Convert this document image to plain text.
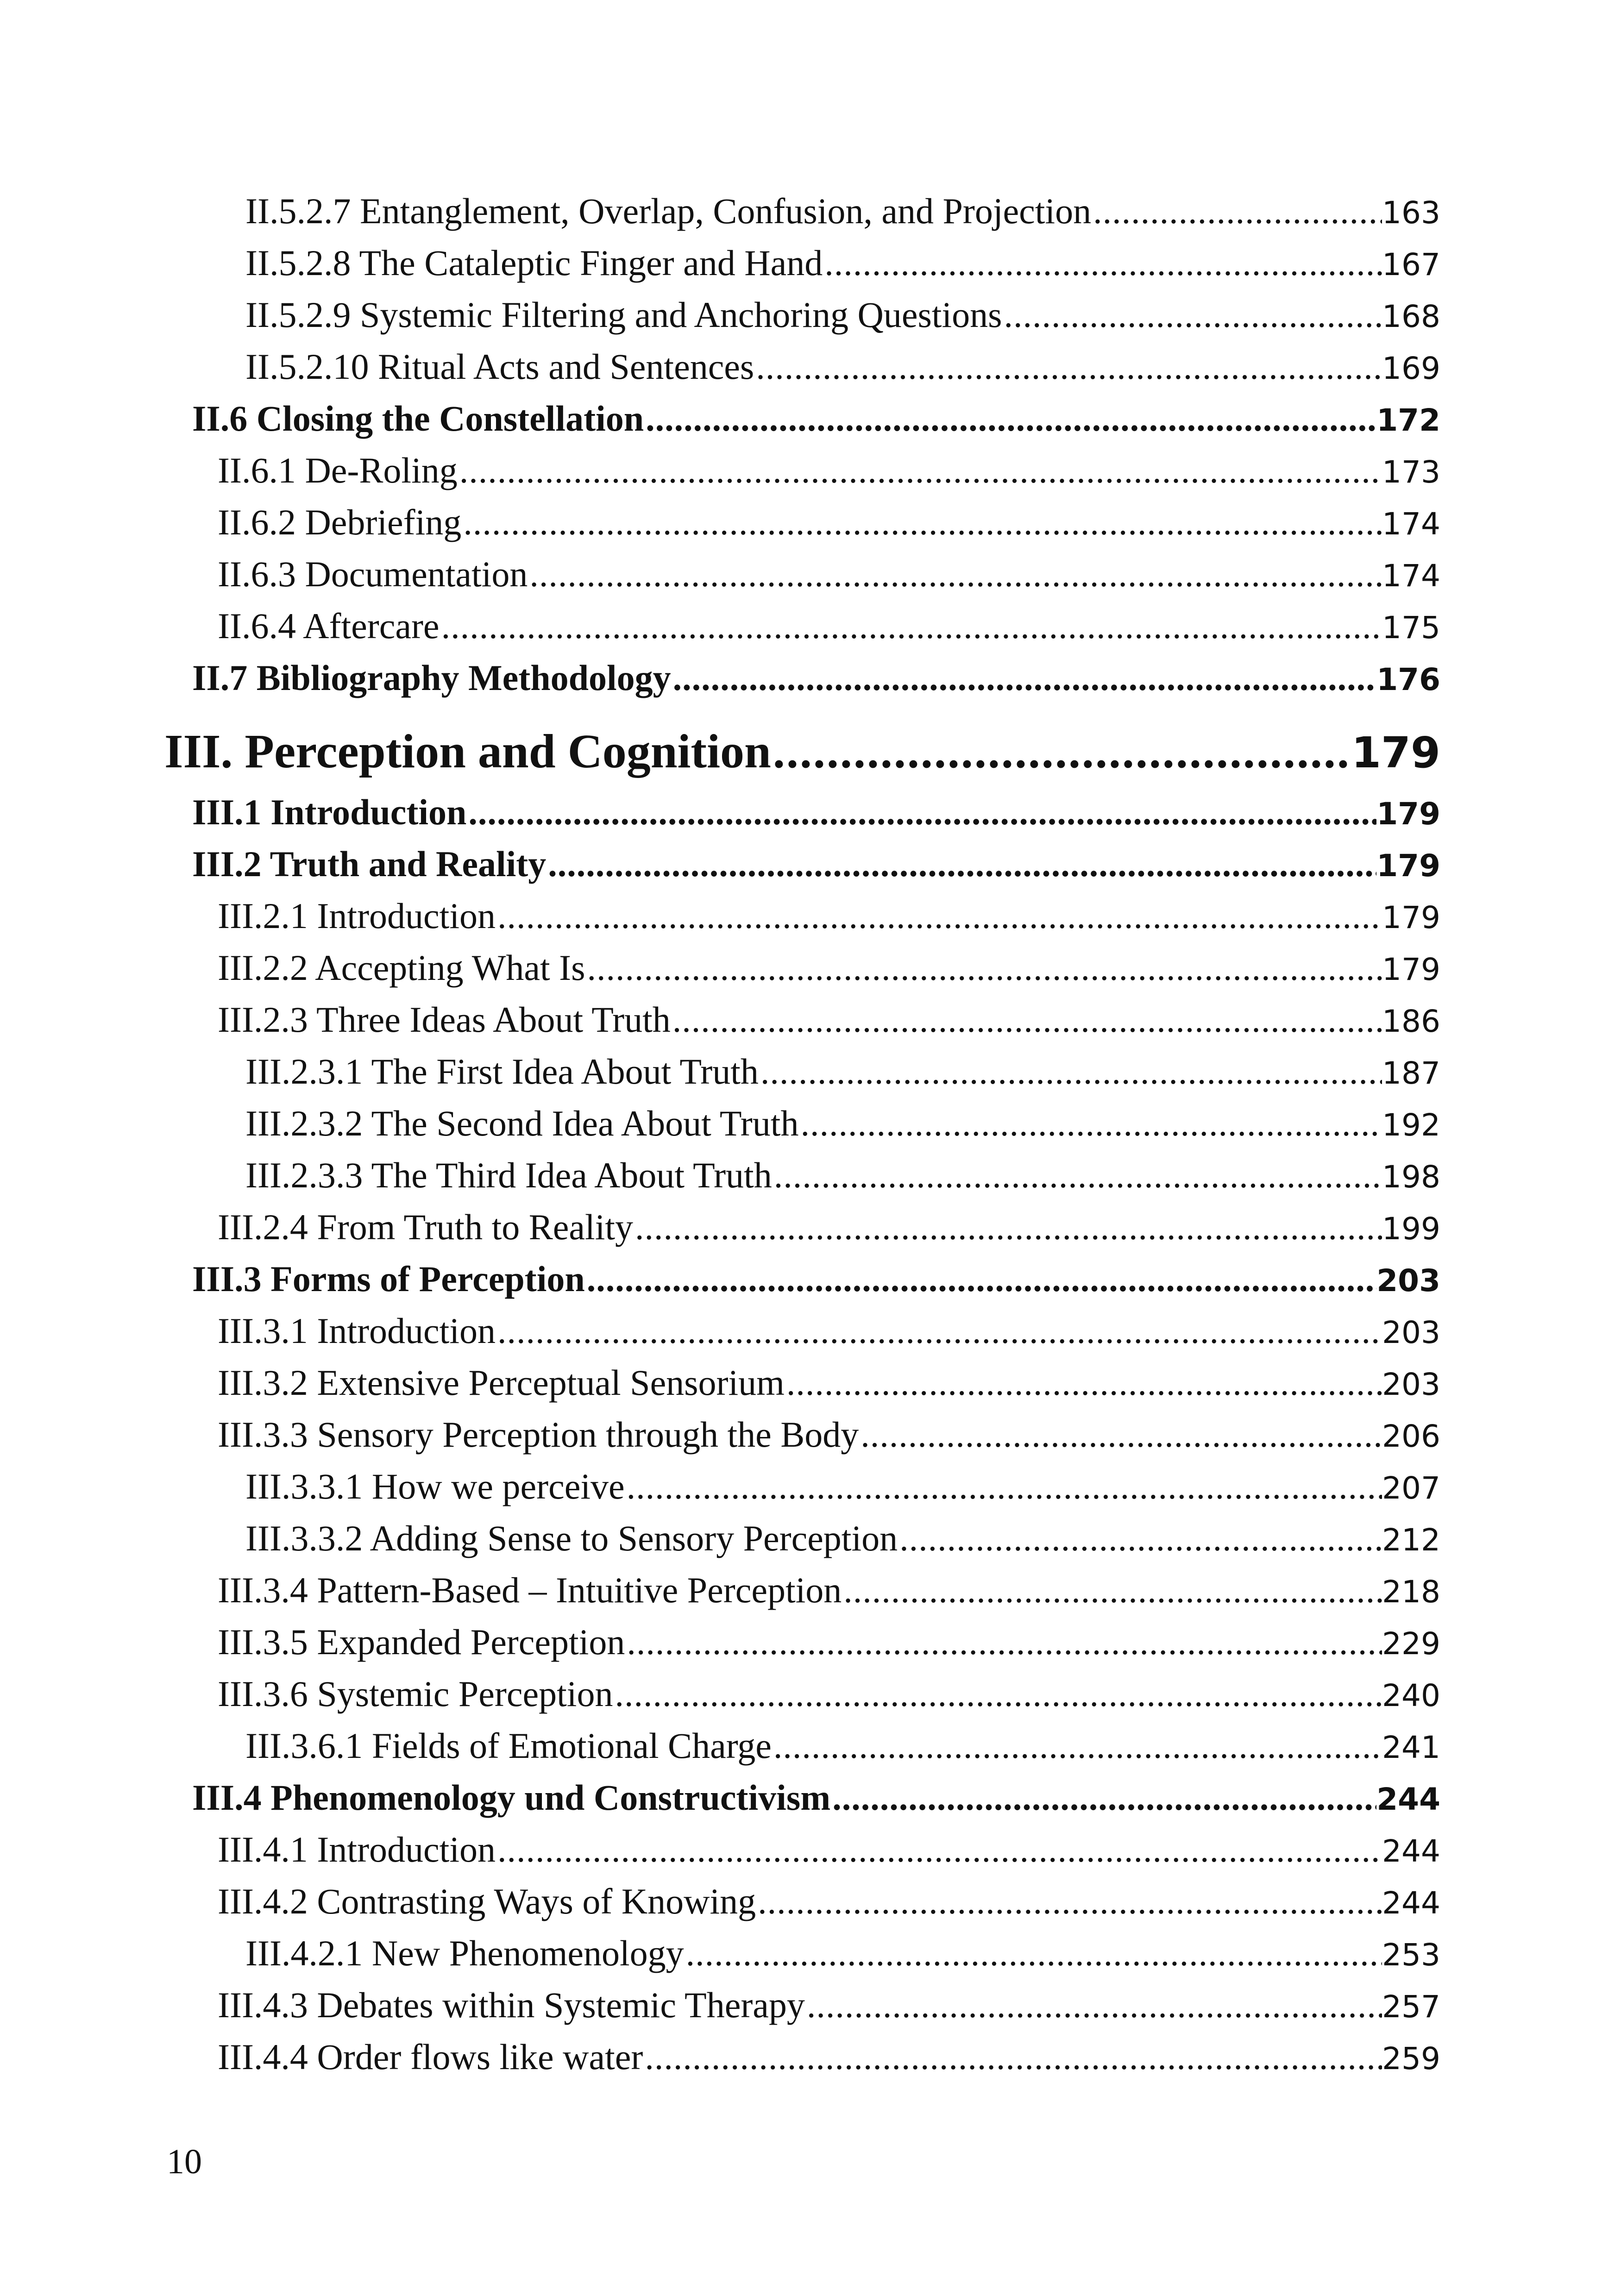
II.5.2.7 Entanglement, Overlap, Confusion, and Projection .....	163
II.5.2.8 The Cataleptic Finger and Hand .....	167
II.5.2.9 Systemic Filtering and Anchoring Questions .....	168
II.5.2.10 Ritual Acts and Sentences .....	169
II.6 Closing the Constellation .....	172
II.6.1 De-Roling .....	173
II.6.2 Debriefing .....	174
II.6.3 Documentation .....	174
II.6.4 Aftercare .....	175
II.7 Bibliography Methodology .....	176
III. Perception and Cognition .....	179
III.1 Introduction .....	179
III.2 Truth and Reality .....	179
III.2.1 Introduction .....	179
III.2.2 Accepting What Is .....	179
III.2.3 Three Ideas About Truth .....	186
III.2.3.1 The First Idea About Truth .....	187
III.2.3.2 The Second Idea About Truth .....	192
III.2.3.3 The Third Idea About Truth .....	198
III.2.4 From Truth to Reality .....	199
III.3 Forms of Perception .....	203
III.3.1 Introduction .....	203
III.3.2 Extensive Perceptual Sensorium .....	203
III.3.3 Sensory Perception through the Body .....	206
III.3.3.1 How we perceive .....	207
III.3.3.2 Adding Sense to Sensory Perception .....	212
III.3.4 Pattern-Based – Intuitive Perception .....	218
III.3.5 Expanded Perception .....	229
III.3.6 Systemic Perception .....	240
III.3.6.1 Fields of Emotional Charge .....	241
III.4 Phenomenology und Constructivism .....	244
III.4.1 Introduction .....	244
III.4.2 Contrasting Ways of Knowing .....	244
III.4.2.1 New Phenomenology .....	253
III.4.3 Debates within Systemic Therapy .....	257
III.4.4 Order flows like water .....	259
10
